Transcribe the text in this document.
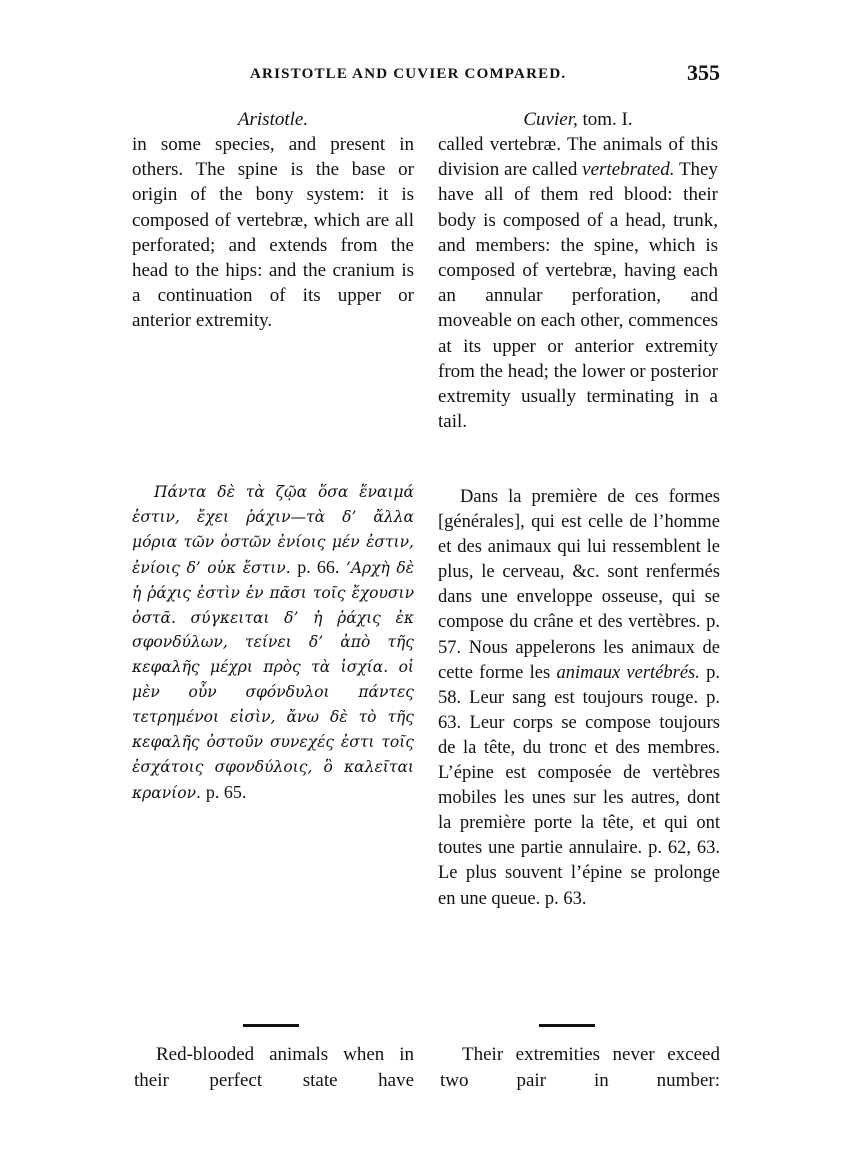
ARISTOTLE AND CUVIER COMPARED.	355

Aristotle.

in some species, and present in others. The spine is the base or origin of the bony system: it is composed of vertebræ, which are all perforated; and extends from the head to the hips: and the cranium is a continuation of its upper or anterior extremity.

Cuvier, tom. I.

called vertebræ. The animals of this division are called vertebrated. They have all of them red blood: their body is composed of a head, trunk, and members: the spine, which is composed of vertebræ, having each an annular perforation, and moveable on each other, commences at its upper or anterior extremity from the head; the lower or posterior extremity usually terminating in a tail.

Πάντα δὲ τὰ ζῷα ὅσα ἔναιμά ἐστιν, ἔχει ῥάχιν—τὰ δ’ ἄλλα μόρια τῶν ὀστῶν ἐνίοις μέν ἐστιν, ἐνίοις δ’ οὐκ ἔστιν. p. 66. ’Αρχὴ δὲ ἡ ῥάχις ἐστὶν ἐν πᾶσι τοῖς ἔχουσιν ὀστᾶ. σύγκειται δ’ ἡ ῥάχις ἐκ σφονδύλων, τείνει δ’ ἀπὸ τῆς κεφαλῆς μέχρι πρὸς τὰ ἰσχία. οἱ μὲν οὖν σφόνδυλοι πάντες τετρημένοι εἰσὶν, ἄνω δὲ τὸ τῆς κεφαλῆς ὀστοῦν συνεχές ἐστι τοῖς ἐσχάτοις σφονδύλοις, ὃ καλεῖται κρανίον. p. 65.
Dans la première de ces formes [générales], qui est celle de l’homme et des animaux qui lui ressemblent le plus, le cerveau, &c. sont renfermés dans une enveloppe osseuse, qui se compose du crâne et des vertèbres. p. 57. Nous appelerons les animaux de cette forme les animaux vertébrés. p. 58. Leur sang est toujours rouge. p. 63. Leur corps se compose toujours de la tête, du tronc et des membres. L’épine est composée de vertèbres mobiles les unes sur les autres, dont la première porte la tête, et qui ont toutes une partie annulaire. p. 62, 63. Le plus souvent l’épine se prolonge en une queue. p. 63.
Red-blooded animals when in their perfect state have
Their extremities never exceed two pair in number:
